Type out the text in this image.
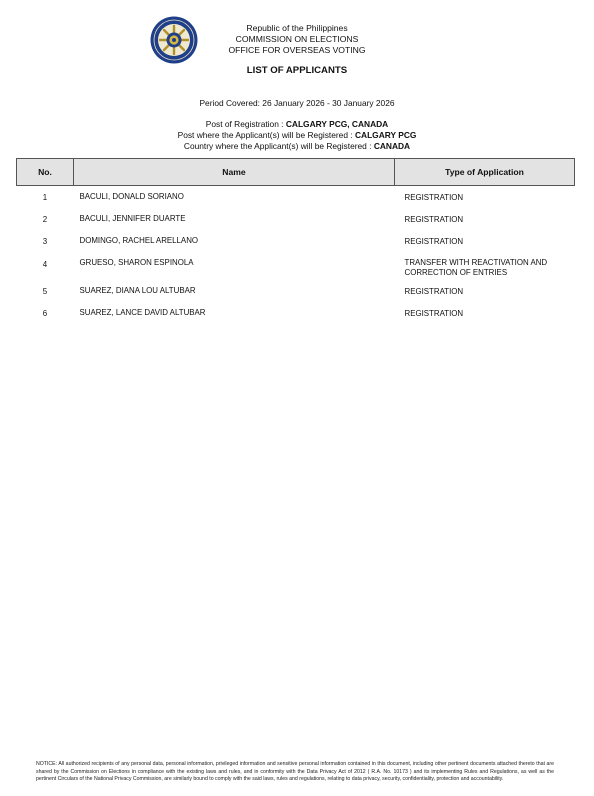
Republic of the Philippines
COMMISSION ON ELECTIONS
OFFICE FOR OVERSEAS VOTING
LIST OF APPLICANTS
Period Covered: 26 January 2026 - 30 January 2026
Post of Registration : CALGARY PCG, CANADA
Post where the Applicant(s) will be Registered : CALGARY PCG
Country where the Applicant(s) will be Registered : CANADA
No.	Name	Type of Application
1	BACULI, DONALD SORIANO	REGISTRATION
2	BACULI, JENNIFER DUARTE	REGISTRATION
3	DOMINGO, RACHEL ARELLANO	REGISTRATION
4	GRUESO, SHARON ESPINOLA	TRANSFER WITH REACTIVATION AND CORRECTION OF ENTRIES
5	SUAREZ, DIANA LOU ALTUBAR	REGISTRATION
6	SUAREZ, LANCE DAVID ALTUBAR	REGISTRATION
NOTICE: All authorized recipients of any personal data, personal information, privileged information and sensitive personal information contained in this document, including other pertinent documents attached thereto that are shared by the Commission on Elections in compliance with the existing laws and rules, and in conformity with the Data Privacy Act of 2012 ( R.A. No. 10173 ) and its implementing Rules and Regulations, as well as the pertinent Circulars of the National Privacy Commission, are similarly bound to comply with the said laws, rules and regulations, relating to data privacy, security, confidentiality, protection and accountability.
